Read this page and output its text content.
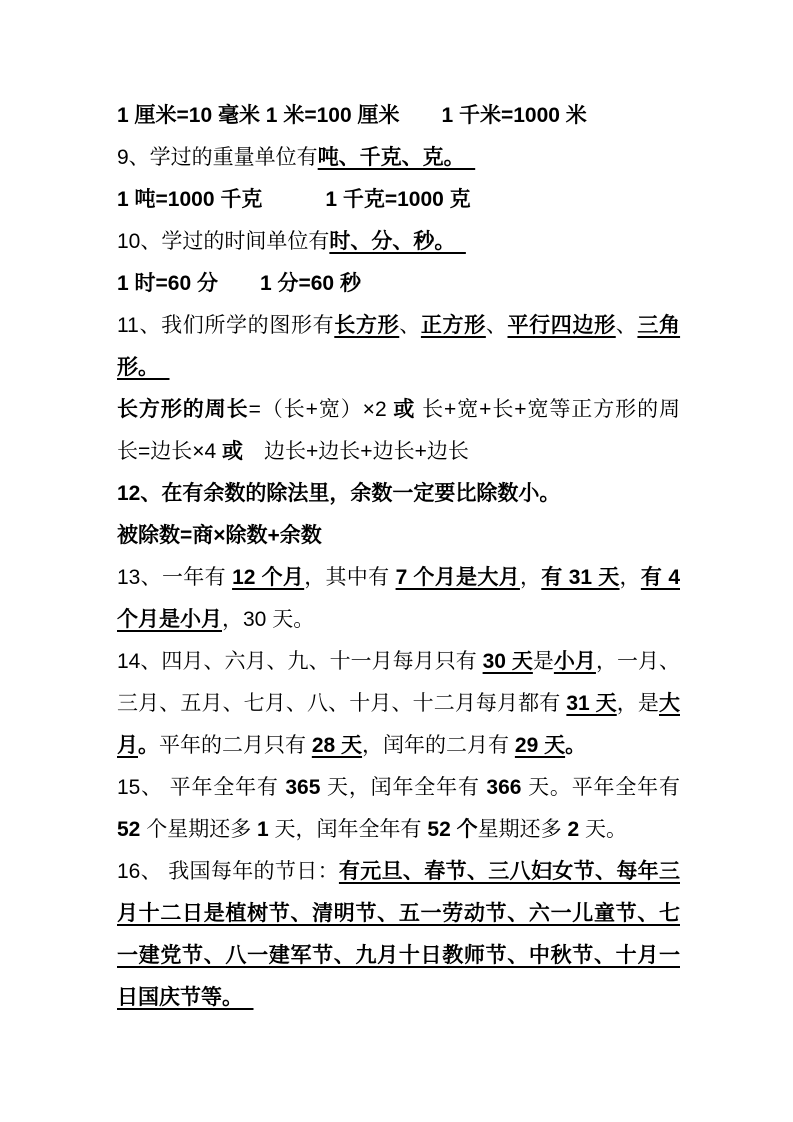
1 厘米=10 毫米 1 米=100 厘米　　1 千米=1000 米
9、学过的重量单位有吨、千克、克。　
1 吨=1000 千克　　　1 千克=1000 克
10、学过的时间单位有时、分、秒。　
1 时=60 分　　1 分=60 秒
11、我们所学的图形有长方形、正方形、平行四边形、三角
形。　
长方形的周长=（长+宽）×2 或 长+宽+长+宽等正方形的周
长=边长×4 或　边长+边长+边长+边长
12、在有余数的除法里，余数一定要比除数小。
被除数=商×除数+余数
13、一年有 12 个月，其中有 7 个月是大月，有 31 天，有 4
个月是小月，30 天。
14、四月、六月、九、十一月每月只有 30 天是小月，一月、
三月、五月、七月、八、十月、十二月每月都有 31 天，是大
月。平年的二月只有 28 天，闰年的二月有 29 天。
15、 平年全年有 365 天，闰年全年有 366 天。平年全年有
52 个星期还多 1 天，闰年全年有 52 个星期还多 2 天。
16、 我国每年的节日：有元旦、春节、三八妇女节、每年三
月十二日是植树节、清明节、五一劳动节、六一儿童节、七
一建党节、八一建军节、九月十日教师节、中秋节、十月一
日国庆节等。　
